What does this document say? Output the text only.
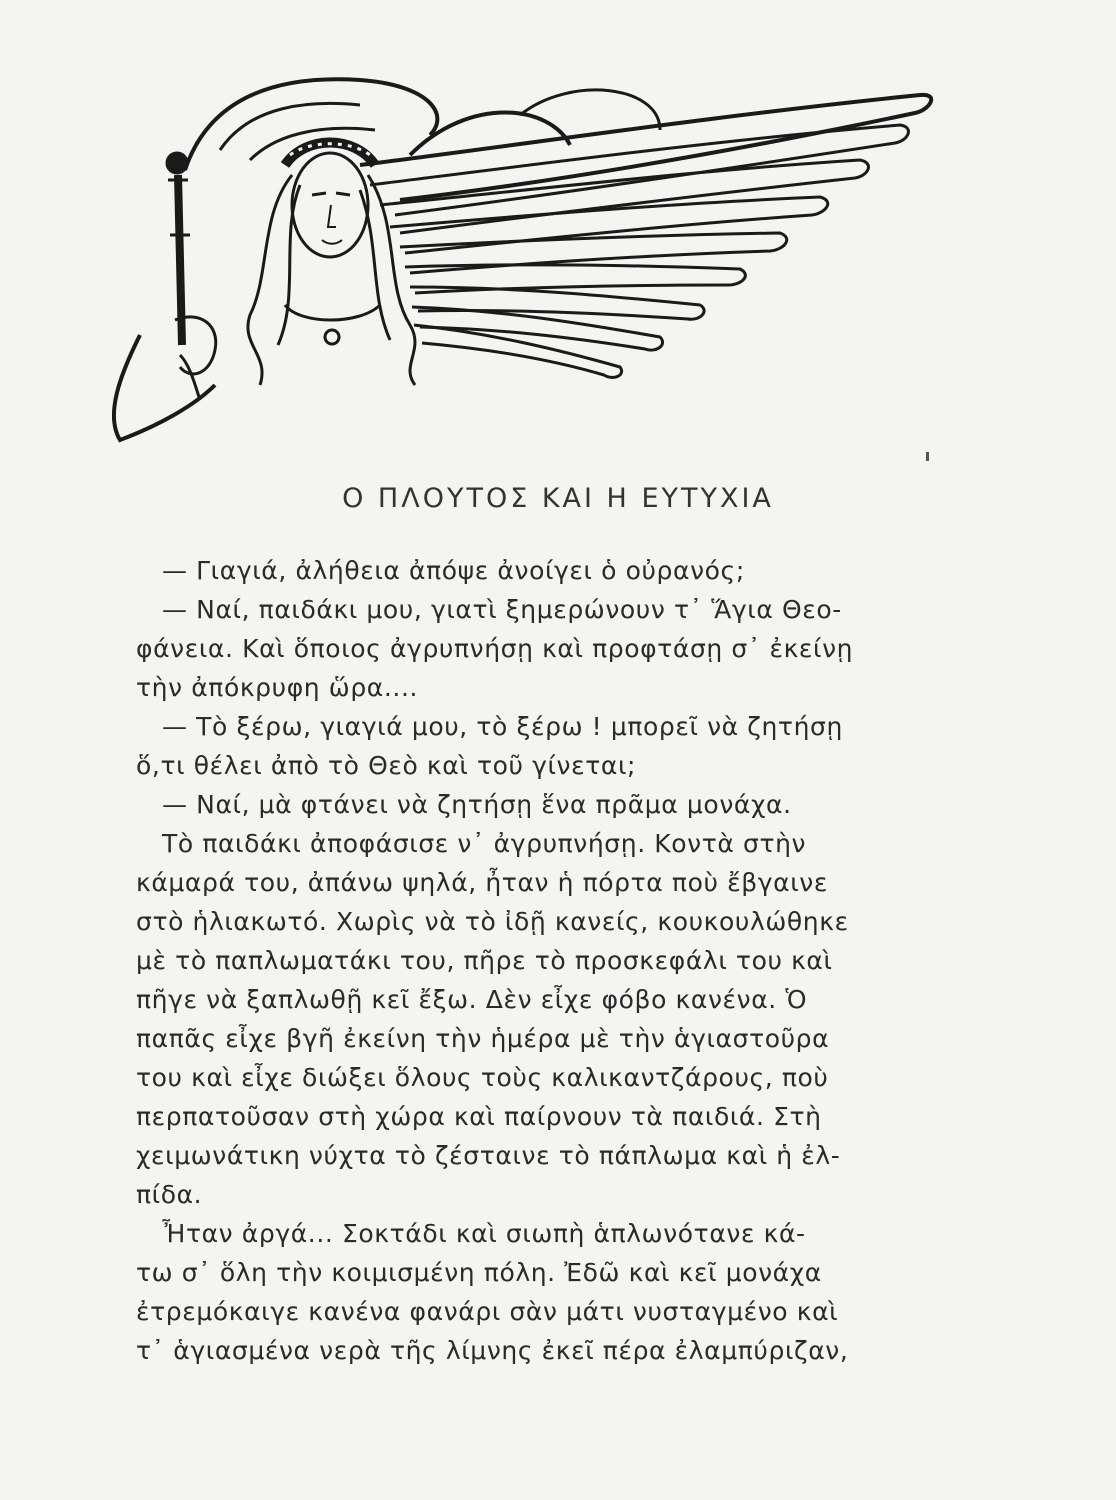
Ο ΠΛΟΥΤΟΣ ΚΑΙ Η ΕΥΤΥΧΙΑ
— Γιαγιά, ἀλήθεια ἀπόψε ἀνοίγει ὁ οὐρανός;
— Ναί, παιδάκι μου, γιατὶ ξημερώνουν τ᾿ Ἅγια Θεο-
φάνεια. Καὶ ὅποιος ἀγρυπνήσῃ καὶ προφτάσῃ σ᾿ ἐκείνῃ
τὴν ἀπόκρυφη ὥρα....
— Τὸ ξέρω, γιαγιά μου, τὸ ξέρω ! μπορεῖ νὰ ζητήσῃ
ὅ,τι θέλει ἀπὸ τὸ Θεὸ καὶ τοῦ γίνεται;
— Ναί, μὰ φτάνει νὰ ζητήσῃ ἕνα πρᾶμα μονάχα.
Τὸ παιδάκι ἀποφάσισε ν᾿ ἀγρυπνήσῃ. Κοντὰ στὴν
κάμαρά του, ἀπάνω ψηλά, ἦταν ἡ πόρτα ποὺ ἔβγαινε
στὸ ἡλιακωτό. Χωρὶς νὰ τὸ ἰδῇ κανείς, κουκουλώθηκε
μὲ τὸ παπλωματάκι του, πῆρε τὸ προσκεφάλι του καὶ
πῆγε νὰ ξαπλωθῇ κεῖ ἔξω. Δὲν εἶχε φόβο κανένα. Ὁ
παπᾶς εἶχε βγῆ ἐκείνη τὴν ἡμέρα μὲ τὴν ἁγιαστοῦρα
του καὶ εἶχε διώξει ὅλους τοὺς καλικαντζάρους, ποὺ
περπατοῦσαν στὴ χώρα καὶ παίρνουν τὰ παιδιά. Στὴ
χειμωνάτικη νύχτα τὸ ζέσταινε τὸ πάπλωμα καὶ ἡ ἐλ-
πίδα.
Ἦταν ἀργά... Σοκτάδι καὶ σιωπὴ ἁπλωνότανε κά-
τω σ᾿ ὅλη τὴν κοιμισμένη πόλη. Ἐδῶ καὶ κεῖ μονάχα
ἐτρεμόκαιγε κανένα φανάρι σὰν μάτι νυσταγμένο καὶ
τ᾿ ἁγιασμένα νερὰ τῆς λίμνης ἐκεῖ πέρα ἐλαμπύριζαν,
